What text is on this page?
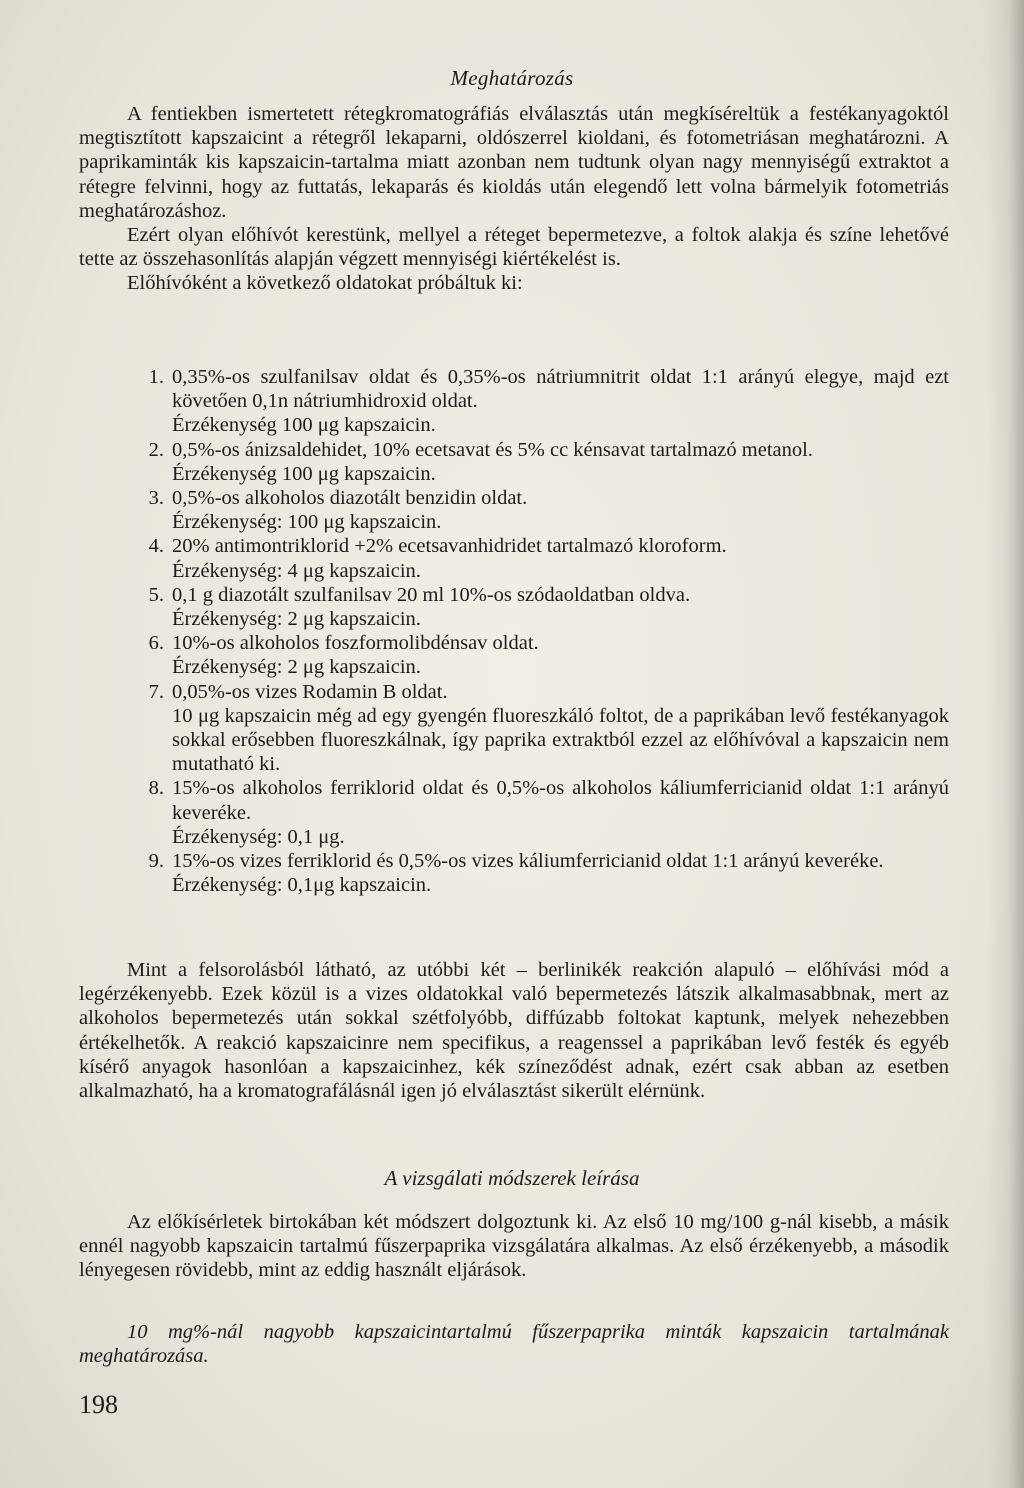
Meghatározás

A fentiekben ismertetett rétegkromatográfiás elválasztás után megkíséreltük a festékanyagoktól megtisztított kapszaicint a rétegről lekaparni, oldószerrel kioldani, és fotometriásan meghatározni. A paprikaminták kis kapszaicin-tartalma miatt azonban nem tudtunk olyan nagy mennyiségű extraktot a rétegre felvinni, hogy az futtatás, lekaparás és kioldás után elegendő lett volna bármelyik fotometriás meghatározáshoz.

Ezért olyan előhívót kerestünk, mellyel a réteget bepermetezve, a foltok alakja és színe lehetővé tette az összehasonlítás alapján végzett mennyiségi kiértékelést is.

Előhívóként a következő oldatokat próbáltuk ki:

1. 0,35%-os szulfanilsav oldat és 0,35%-os nátriumnitrit oldat 1:1 arányú elegye, majd ezt követően 0,1n nátriumhidroxid oldat.
Érzékenység 100 μg kapszaicin.
2. 0,5%-os ánizsaldehidet, 10% ecetsavat és 5% cc kénsavat tartalmazó metanol.
Érzékenység 100 μg kapszaicin.
3. 0,5%-os alkoholos diazotált benzidin oldat.
Érzékenység: 100 μg kapszaicin.
4. 20% antimontriklorid +2% ecetsavanhidridet tartalmazó kloroform.
Érzékenység: 4 μg kapszaicin.
5. 0,1 g diazotált szulfanilsav 20 ml 10%-os szódaoldatban oldva.
Érzékenység: 2 μg kapszaicin.
6. 10%-os alkoholos foszformolibdénsav oldat.
Érzékenység: 2 μg kapszaicin.
7. 0,05%-os vizes Rodamin B oldat.
10 μg kapszaicin még ad egy gyengén fluoreszkáló foltot, de a paprikában levő festékanyagok sokkal erősebben fluoreszkálnak, így paprika extraktból ezzel az előhívóval a kapszaicin nem mutatható ki.
8. 15%-os alkoholos ferriklorid oldat és 0,5%-os alkoholos káliumferricianid oldat 1:1 arányú keveréke.
Érzékenység: 0,1 μg.
9. 15%-os vizes ferriklorid és 0,5%-os vizes káliumferricianid oldat 1:1 arányú keveréke.
Érzékenység: 0,1μg kapszaicin.

Mint a felsorolásból látható, az utóbbi két – berlinikék reakción alapuló – előhívási mód a legérzékenyebb. Ezek közül is a vizes oldatokkal való bepermetezés látszik alkalmasabbnak, mert az alkoholos bepermetezés után sokkal szétfolyóbb, diffúzabb foltokat kaptunk, melyek nehezebben értékelhetők. A reakció kapszaicinre nem specifikus, a reagenssel a paprikában levő festék és egyéb kísérő anyagok hasonlóan a kapszaicinhez, kék színeződést adnak, ezért csak abban az esetben alkalmazható, ha a kromatografálásnál igen jó elválasztást sikerült elérnünk.

A vizsgálati módszerek leírása

Az előkísérletek birtokában két módszert dolgoztunk ki. Az első 10 mg/100 g-nál kisebb, a másik ennél nagyobb kapszaicin tartalmú fűszerpaprika vizsgálatára alkalmas. Az első érzékenyebb, a második lényegesen rövidebb, mint az eddig használt eljárások.

10 mg%-nál nagyobb kapszaicintartalmú fűszerpaprika minták kapszaicin tartalmának meghatározása.
198
